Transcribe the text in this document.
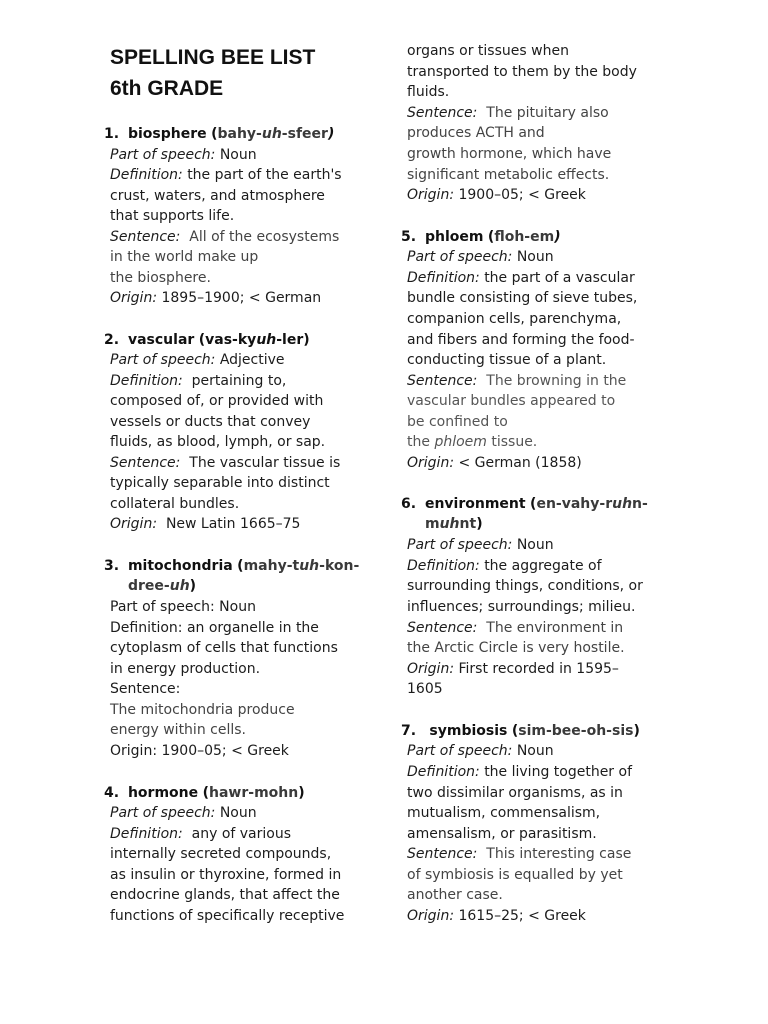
SPELLING BEE LIST
6th GRADE
1. biosphere (bahy-uh-sfeer)
Part of speech: Noun
Definition: the part of the earth's
crust, waters, and atmosphere
that supports life.
Sentence: All of the ecosystems
in the world make up
the biosphere.
Origin: 1895–1900; < German
2. vascular (vas-kyuh-ler)
Part of speech: Adjective
Definition: pertaining to,
composed of, or provided with
vessels or ducts that convey
fluids, as blood, lymph, or sap.
Sentence: The vascular tissue is
typically separable into distinct
collateral bundles.
Origin: New Latin 1665–75
3. mitochondria (mahy-tuh-kon-
dree-uh)
Part of speech: Noun
Definition: an organelle in the
cytoplasm of cells that functions
in energy production.
Sentence:
The mitochondria produce
energy within cells.
Origin: 1900–05; < Greek
4. hormone (hawr-mohn)
Part of speech: Noun
Definition: any of various
internally secreted compounds,
as insulin or thyroxine, formed in
endocrine glands, that affect the
functions of specifically receptive
organs or tissues when
transported to them by the body
fluids.
Sentence: The pituitary also
produces ACTH and
growth hormone, which have
significant metabolic effects.
Origin: 1900–05; < Greek
5. phloem (floh-em)
Part of speech: Noun
Definition: the part of a vascular
bundle consisting of sieve tubes,
companion cells, parenchyma,
and fibers and forming the food-
conducting tissue of a plant.
Sentence: The browning in the
vascular bundles appeared to
be confined to
the phloem tissue.
Origin: < German (1858)
6. environment (en-vahy-ruhn-
muhnt)
Part of speech: Noun
Definition: the aggregate of
surrounding things, conditions, or
influences; surroundings; milieu.
Sentence: The environment in
the Arctic Circle is very hostile.
Origin: First recorded in 1595–
1605
7. symbiosis (sim-bee-oh-sis)
Part of speech: Noun
Definition: the living together of
two dissimilar organisms, as in
mutualism, commensalism,
amensalism, or parasitism.
Sentence: This interesting case
of symbiosis is equalled by yet
another case.
Origin: 1615–25; < Greek
